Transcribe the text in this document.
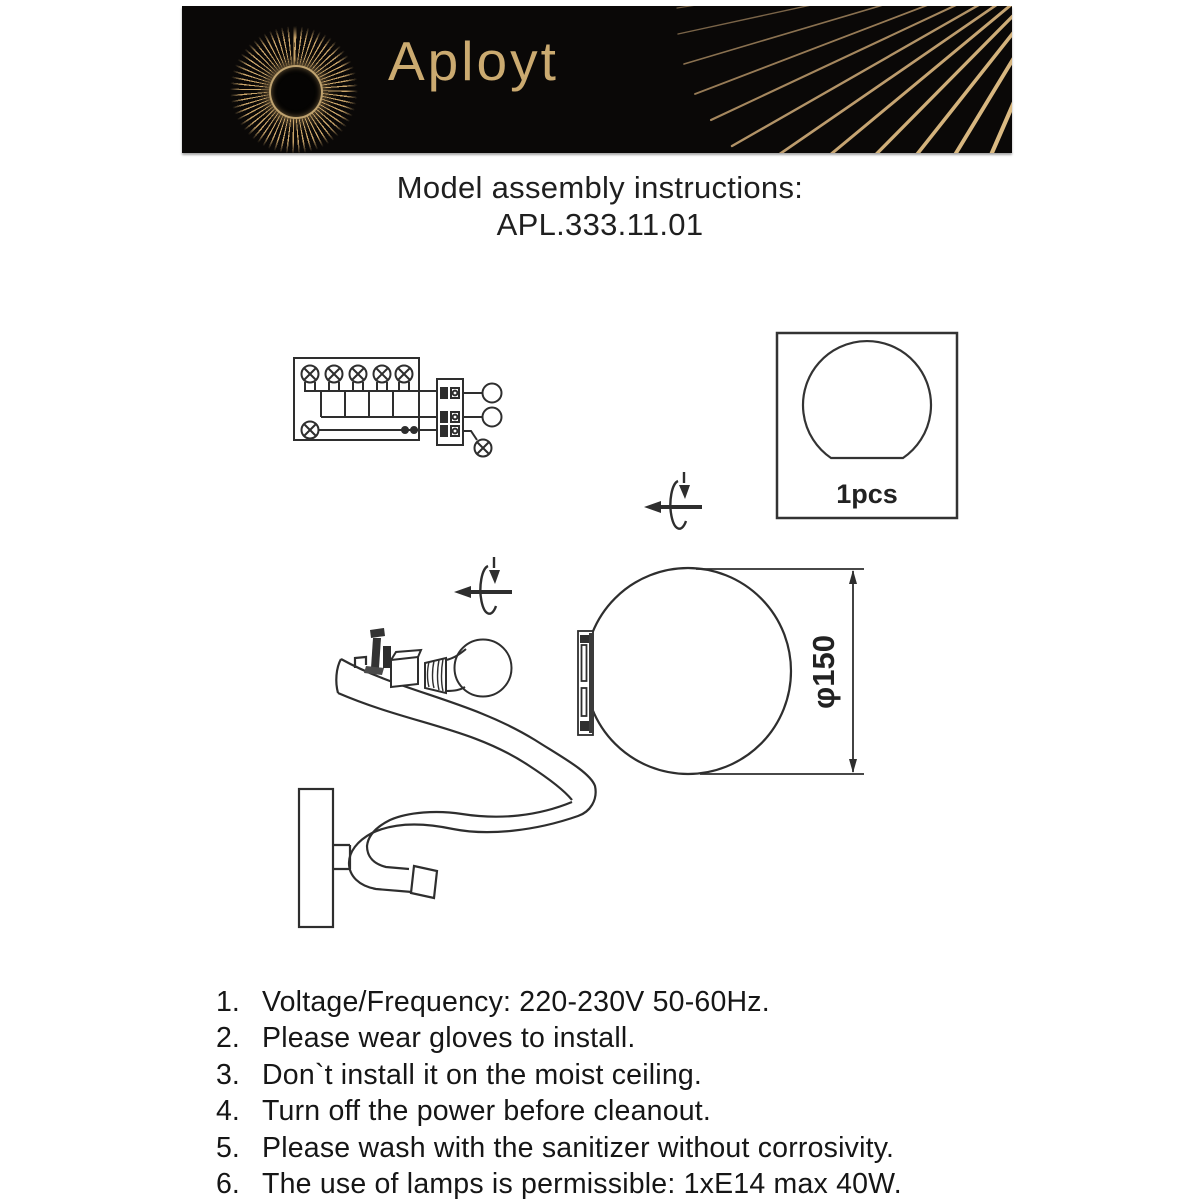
Aployt
Model assembly instructions:
APL.333.11.01
1pcs
φ150
1. Voltage/Frequency: 220-230V 50-60Hz.
2. Please wear gloves to install.
3. Don`t install it on the moist ceiling.
4. Turn off the power before cleanout.
5. Please wash with the sanitizer without corrosivity.
6. The use of lamps is permissible: 1xE14 max 40W.
